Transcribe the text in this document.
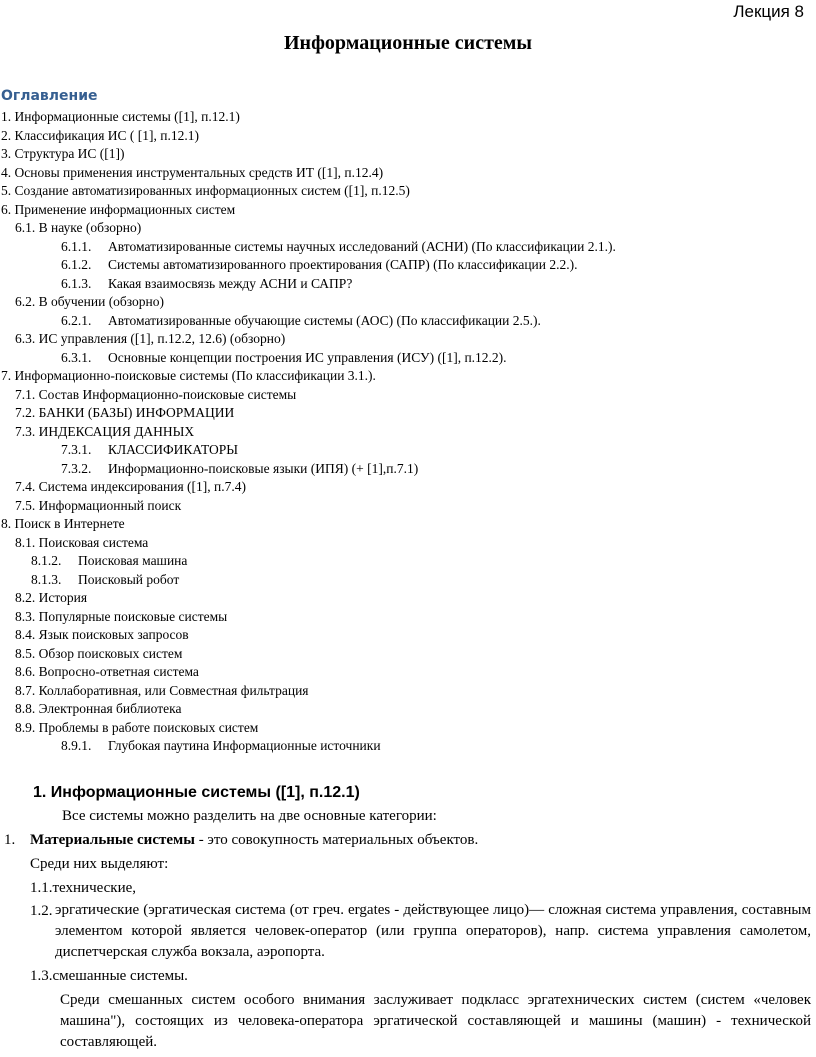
Лекция 8
Информационные системы
Оглавление
1. Информационные системы ([1], п.12.1)
2. Классификация ИС ( [1], п.12.1)
3. Структура ИС ([1])
4. Основы применения инструментальных средств ИТ ([1], п.12.4)
5. Создание автоматизированных информационных систем ([1], п.12.5)
6. Применение информационных систем
6.1. В науке (обзорно)
6.1.1. Автоматизированные системы научных исследований (АСНИ) (По классификации 2.1.).
6.1.2. Системы автоматизированного проектирования (САПР) (По классификации 2.2.).
6.1.3. Какая взаимосвязь между АСНИ и САПР?
6.2. В обучении (обзорно)
6.2.1. Автоматизированные обучающие системы (АОС) (По классификации 2.5.).
6.3. ИС управления ([1], п.12.2, 12.6) (обзорно)
6.3.1. Основные концепции построения ИС управления (ИСУ) ([1], п.12.2).
7. Информационно-поисковые системы (По классификации 3.1.).
7.1. Состав Информационно-поисковые системы
7.2. БАНКИ (БАЗЫ) ИНФОРМАЦИИ
7.3. ИНДЕКСАЦИЯ ДАННЫХ
7.3.1. КЛАССИФИКАТОРЫ
7.3.2. Информационно-поисковые языки (ИПЯ) (+ [1],п.7.1)
7.4. Система индексирования ([1], п.7.4)
7.5. Информационный поиск
8. Поиск в Интернете
8.1. Поисковая система
8.1.2. Поисковая машина
8.1.3. Поисковый робот
8.2. История
8.3. Популярные поисковые системы
8.4. Язык поисковых запросов
8.5. Обзор поисковых систем
8.6. Вопросно-ответная система
8.7. Коллаборативная, или Совместная фильтрация
8.8. Электронная библиотека
8.9. Проблемы в работе поисковых систем
8.9.1. Глубокая паутина Информационные источники
1. Информационные системы ([1], п.12.1)
Все системы можно разделить на две основные категории:
1. Материальные системы - это совокупность материальных объектов.
Среди них выделяют:
1.1.технические,
1.2. эргатические (эргатическая система (от греч. ergates - действующее лицо)— сложная система управления, составным элементом которой является человек-оператор (или группа операторов), напр. система управления самолетом, диспетчерская служба вокзала, аэропорта.
1.3.смешанные системы.
Среди смешанных систем особого внимания заслуживает подкласс эргатехнических систем (систем «человек машина"), состоящих из человека-оператора эргатической составляющей и машины (машин) - технической составляющей.
